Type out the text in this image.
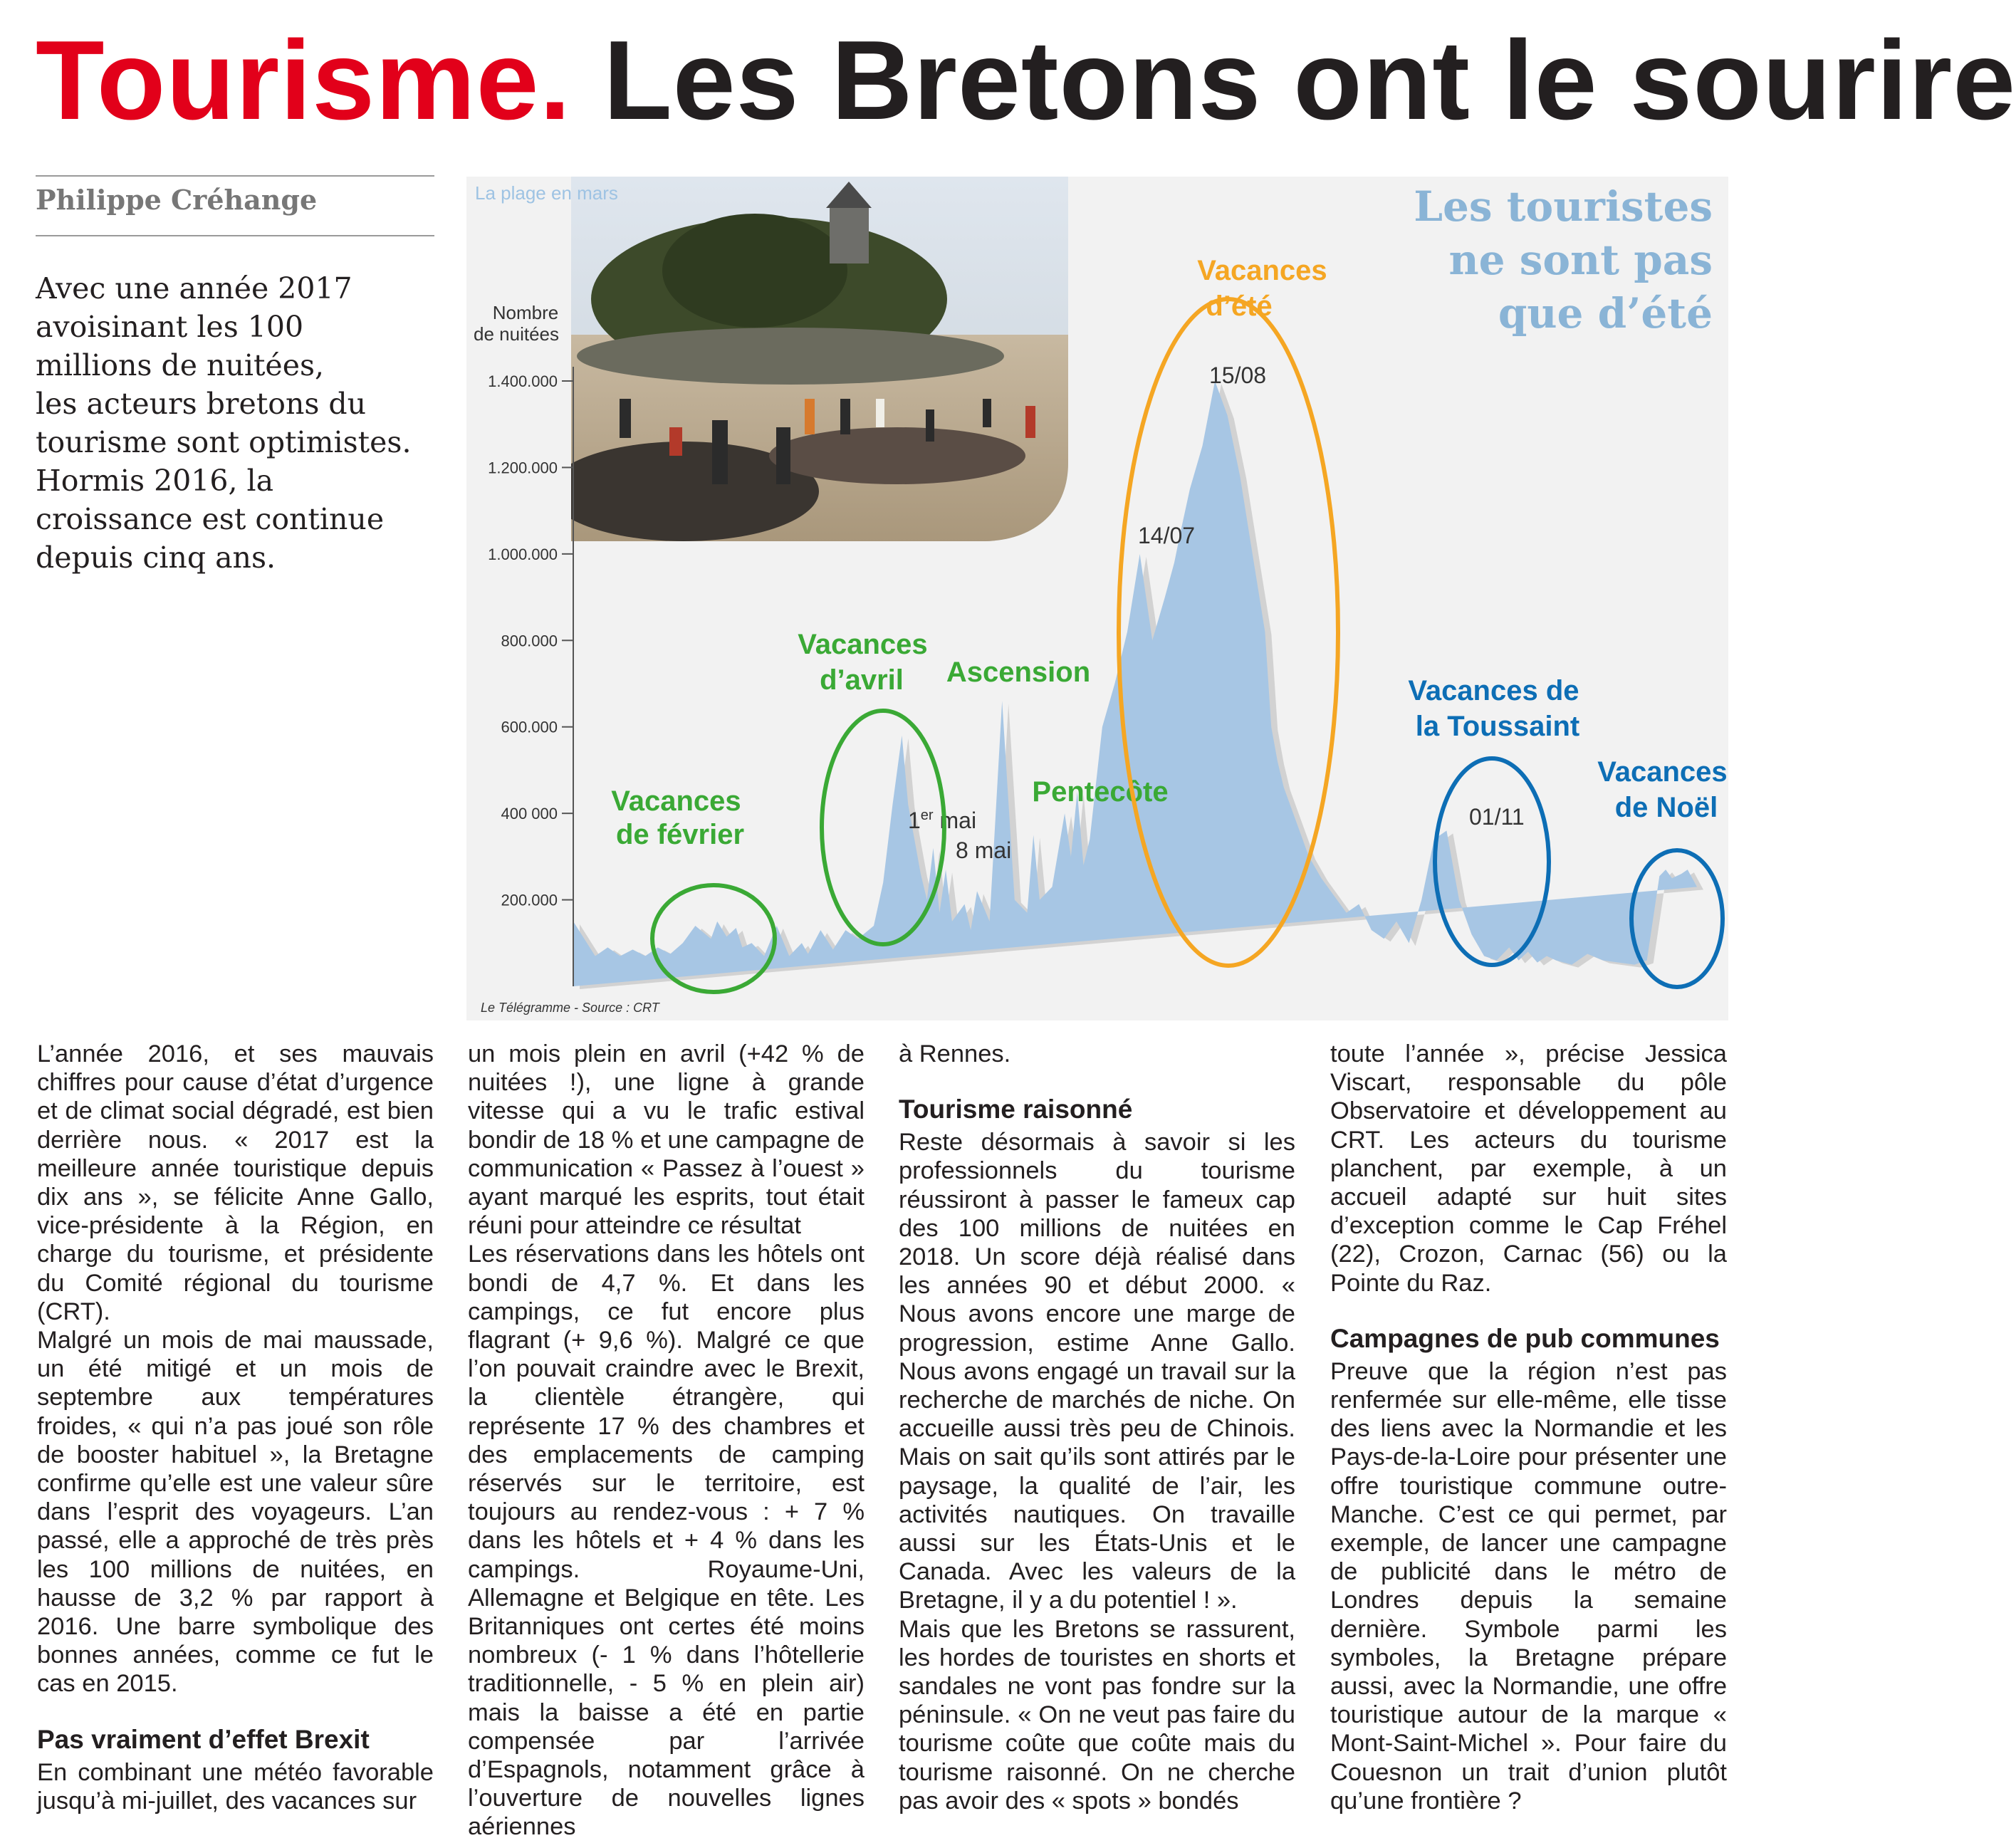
Tourisme. Les Bretons ont le sourire
Philippe Créhange

Avec une année 2017
avoisinant les 100
millions de nuitées,
les acteurs bretons du
tourisme sont optimistes.
Hormis 2016, la
croissance est continue
depuis cinq ans.

La plage en mars	Les touristes
ne sont pas
que d’été
Nombre
de nuitées
1.400.000
1.200.000
1.000.000
800.000
600.000
400 000
200.000
Vacances de février
Vacances d’avril	Ascension
Pentecôte
Vacances d’été
Vacances de la Toussaint
Vacances de Noël
1er mai
8 mai
14/07
15/08
01/11
Le Télégramme - Source : CRT

L’année 2016, et ses mauvais chiffres pour cause d’état d’urgence et de climat social dégradé, est bien derrière nous. « 2017 est la meilleure année touristique depuis dix ans », se félicite Anne Gallo, vice-présidente à la Région, en charge du tourisme, et présidente du Comité régional du tourisme (CRT).

Malgré un mois de mai maussade, un été mitigé et un mois de septembre aux températures froides, « qui n’a pas joué son rôle de booster habituel », la Bretagne confirme qu’elle est une valeur sûre dans l’esprit des voyageurs. L’an passé, elle a approché de très près les 100 millions de nuitées, en hausse de 3,2 % par rapport à 2016. Une barre symbolique des bonnes années, comme ce fut le cas en 2015.

Pas vraiment d’effet Brexit

En combinant une météo favorable jusqu’à mi-juillet, des vacances sur

un mois plein en avril (+42 % de nuitées !), une ligne à grande vitesse qui a vu le trafic estival bondir de 18 % et une campagne de communication « Passez à l’ouest » ayant marqué les esprits, tout était réuni pour atteindre ce résultat

Les réservations dans les hôtels ont bondi de 4,7 %. Et dans les campings, ce fut encore plus flagrant (+ 9,6 %). Malgré ce que l’on pouvait craindre avec le Brexit, la clientèle étrangère, qui représente 17 % des chambres et des emplacements de camping réservés sur le territoire, est toujours au rendez-vous : + 7 % dans les hôtels et + 4 % dans les campings. Royaume-Uni, Allemagne et Belgique en tête. Les Britanniques ont certes été moins nombreux (- 1 % dans l’hôtellerie traditionnelle, - 5 % en plein air) mais la baisse a été en partie compensée par l’arrivée d’Espagnols, notamment grâce à l’ouverture de nouvelles lignes aériennes

à Rennes.

Tourisme raisonné

Reste désormais à savoir si les professionnels du tourisme réussiront à passer le fameux cap des 100 millions de nuitées en 2018. Un score déjà réalisé dans les années 90 et début 2000. « Nous avons encore une marge de progression, estime Anne Gallo. Nous avons engagé un travail sur la recherche de marchés de niche. On accueille aussi très peu de Chinois. Mais on sait qu’ils sont attirés par le paysage, la qualité de l’air, les activités nautiques. On travaille aussi sur les États-Unis et le Canada. Avec les valeurs de la Bretagne, il y a du potentiel ! ».

Mais que les Bretons se rassurent, les hordes de touristes en shorts et sandales ne vont pas fondre sur la péninsule. « On ne veut pas faire du tourisme coûte que coûte mais du tourisme raisonné. On ne cherche pas avoir des « spots » bondés

toute l’année », précise Jessica Viscart, responsable du pôle Observatoire et développement au CRT. Les acteurs du tourisme planchent, par exemple, à un accueil adapté sur huit sites d’exception comme le Cap Fréhel (22), Crozon, Carnac (56) ou la Pointe du Raz.

Campagnes de pub communes

Preuve que la région n’est pas renfermée sur elle-même, elle tisse des liens avec la Normandie et les Pays-de-la-Loire pour présenter une offre touristique commune outre-Manche. C’est ce qui permet, par exemple, de lancer une campagne de publicité dans le métro de Londres depuis la semaine dernière. Symbole parmi les symboles, la Bretagne prépare aussi, avec la Normandie, une offre touristique autour de la marque « Mont-Saint-Michel ». Pour faire du Couesnon un trait d’union plutôt qu’une frontière ?
